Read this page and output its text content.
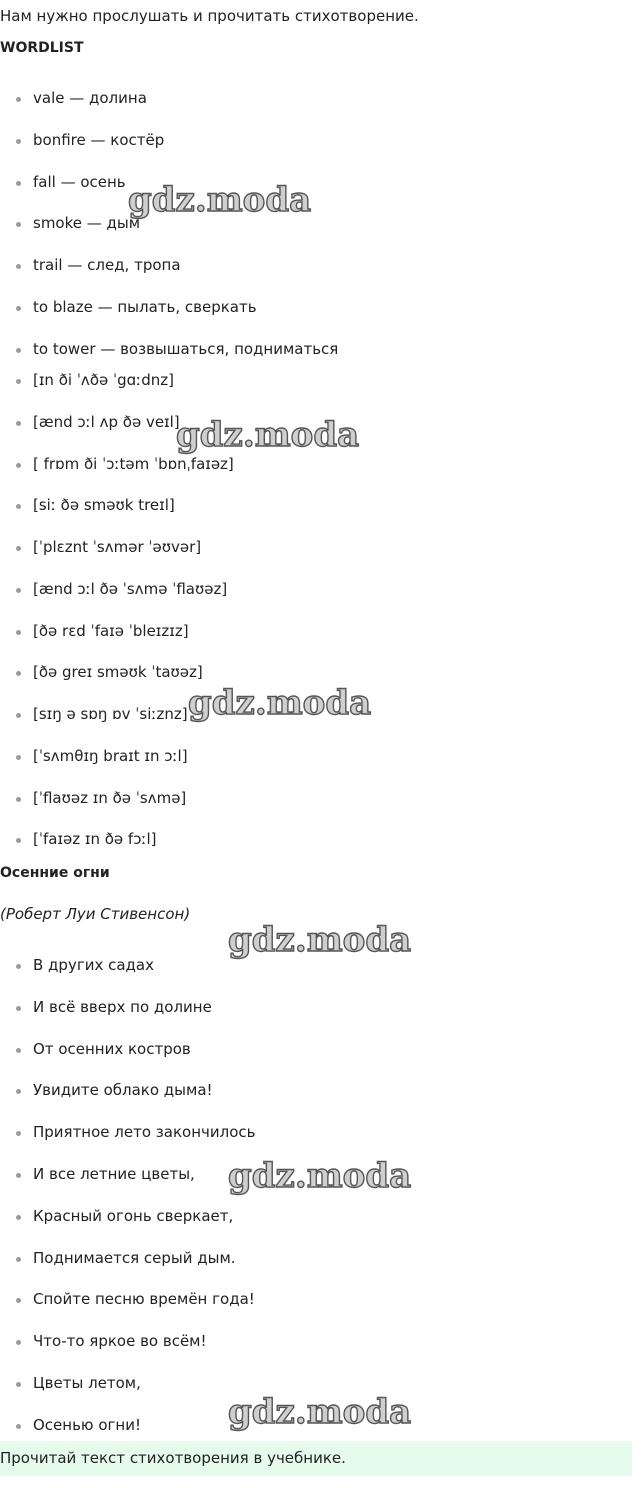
Нам нужно прослушать и прочитать стихотворение.
WORDLIST
vale — долина
bonfire — костёр
fall — осень
smoke — дым
trail — след, тропа
to blaze — пылать, сверкать
to tower — возвышаться, подниматься
[ɪn ði ˈʌðə ˈgɑːdnz]
[ænd ɔːl ʌp ðə veɪl]
[ frɒm ði ˈɔːtəm ˈbɒnˌfaɪəz]
[siː ðə sməʊk treɪl]
[ˈplɛznt ˈsʌmər ˈəʊvər]
[ænd ɔːl ðə ˈsʌmə ˈflaʊəz]
[ðə rɛd ˈfaɪə ˈbleɪzɪz]
[ðə greɪ sməʊk ˈtaʊəz]
[sɪŋ ə sɒŋ ɒv ˈsiːznz]
[ˈsʌmθɪŋ braɪt ɪn ɔːl]
[ˈflaʊəz ɪn ðə ˈsʌmə]
[ˈfaɪəz ɪn ðə fɔːl]
Осенние огни
(Роберт Луи Стивенсон)
В других садах
И всё вверх по долине
От осенних костров
Увидите облако дыма!
Приятное лето закончилось
И все летние цветы,
Красный огонь сверкает,
Поднимается серый дым.
Спойте песню времён года!
Что-то яркое во всём!
Цветы летом,
Осенью огни!
Прочитай текст стихотворения в учебнике.
gdz.moda
gdz.moda
gdz.moda
gdz.moda
gdz.moda
gdz.moda
